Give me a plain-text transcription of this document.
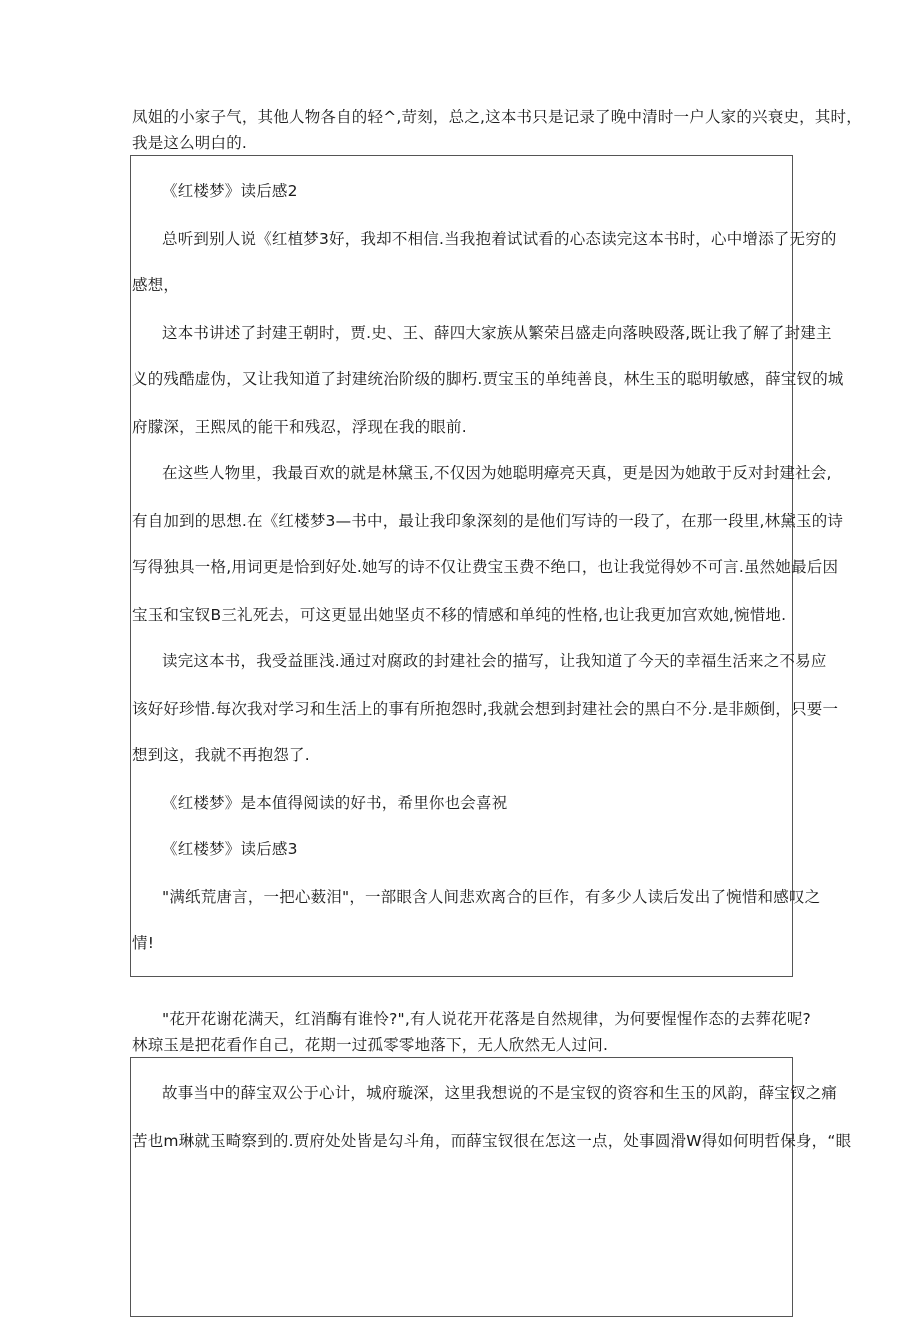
凤姐的小家子气，其他人物各自的轻^,苛刻，总之,这本书只是记录了晚中清时一户人家的兴衰史，其时，
我是这么明白的.
《红楼梦》读后感2
总听到别人说《红植梦3好，我却不相信.当我抱着试试看的心态读完这本书时，心中增添了无穷的
感想，
这本书讲述了封建王朝时，贾.史、王、薛四大家族从繁荣吕盛走向落映殴落,既让我了解了封建主
义的残酷虚伪，又让我知道了封建统治阶级的脚朽.贾宝玉的单纯善良，林生玉的聪明敏感，薛宝钗的城
府朦深，王熙凤的能干和残忍，浮现在我的眼前.
在这些人物里，我最百欢的就是林黛玉,不仅因为她聪明瘴亮天真，更是因为她敢于反对封建社会,
有自加到的思想.在《红楼梦3—书中，最让我印象深刻的是他们写诗的一段了，在那一段里,林黛玉的诗
写得独具一格,用词更是恰到好处.她写的诗不仅让费宝玉费不绝口，也让我觉得妙不可言.虽然她最后因
宝玉和宝钗B三礼死去，可这更显出她坚贞不移的情感和单纯的性格,也让我更加宫欢她,惋惜地.
读完这本书，我受益匪浅.通过对腐政的封建社会的描写，让我知道了今天的幸福生活来之不易应
该好好珍惜.每次我对学习和生活上的事有所抱怨时,我就会想到封建社会的黑白不分.是非颇倒，只要一
想到这，我就不再抱怨了.
《红楼梦》是本值得阅读的好书，希里你也会喜祝
《红楼梦》读后感3
"满纸荒唐言，一把心薮泪"，一部眼含人间悲欢离合的巨作，有多少人读后发出了惋惜和感叹之
情!
"花开花谢花满天，红消酶有谁怜?",有人说花开花落是自然规律，为何要惺惺作态的去葬花呢?
林琼玉是把花看作自己，花期一过孤零零地落下，无人欣然无人过问.
故事当中的薛宝双公于心计，城府璇深，这里我想说的不是宝钗的资容和生玉的风韵，薛宝钗之痛
苦也m琳就玉畸察到的.贾府处处皆是勾斗角，而薛宝钗很在怎这一点，处事圆滑W得如何明哲保身，“眼
